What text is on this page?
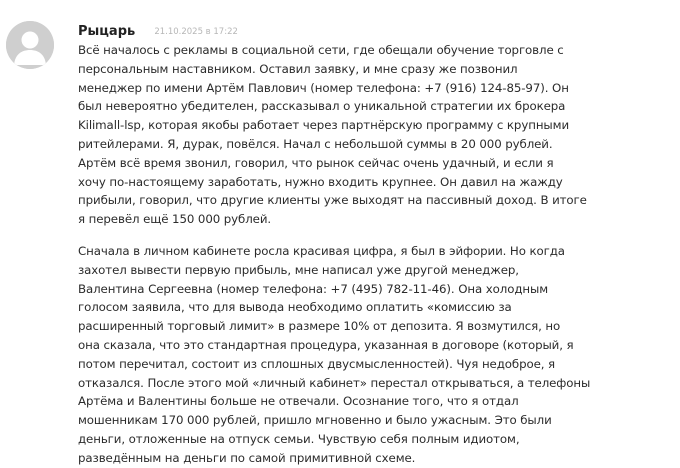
Рыцарь 21.10.2025 в 17:22

Всё началось с рекламы в социальной сети, где обещали обучение торговле с
персональным наставником. Оставил заявку, и мне сразу же позвонил
менеджер по имени Артём Павлович (номер телефона: +7 (916) 124-85-97). Он
был невероятно убедителен, рассказывал о уникальной стратегии их брокера
Kilimall-lsp, которая якобы работает через партнёрскую программу с крупными
ритейлерами. Я, дурак, повёлся. Начал с небольшой суммы в 20 000 рублей.
Артём всё время звонил, говорил, что рынок сейчас очень удачный, и если я
хочу по-настоящему заработать, нужно входить крупнее. Он давил на жажду
прибыли, говорил, что другие клиенты уже выходят на пассивный доход. В итоге
я перевёл ещё 150 000 рублей.

Сначала в личном кабинете росла красивая цифра, я был в эйфории. Но когда
захотел вывести первую прибыль, мне написал уже другой менеджер,
Валентина Сергеевна (номер телефона: +7 (495) 782-11-46). Она холодным
голосом заявила, что для вывода необходимо оплатить «комиссию за
расширенный торговый лимит» в размере 10% от депозита. Я возмутился, но
она сказала, что это стандартная процедура, указанная в договоре (который, я
потом перечитал, состоит из сплошных двусмысленностей). Чуя недоброе, я
отказался. После этого мой «личный кабинет» перестал открываться, а телефоны
Артёма и Валентины больше не отвечали. Осознание того, что я отдал
мошенникам 170 000 рублей, пришло мгновенно и было ужасным. Это были
деньги, отложенные на отпуск семьи. Чувствую себя полным идиотом,
разведённым на деньги по самой примитивной схеме.
